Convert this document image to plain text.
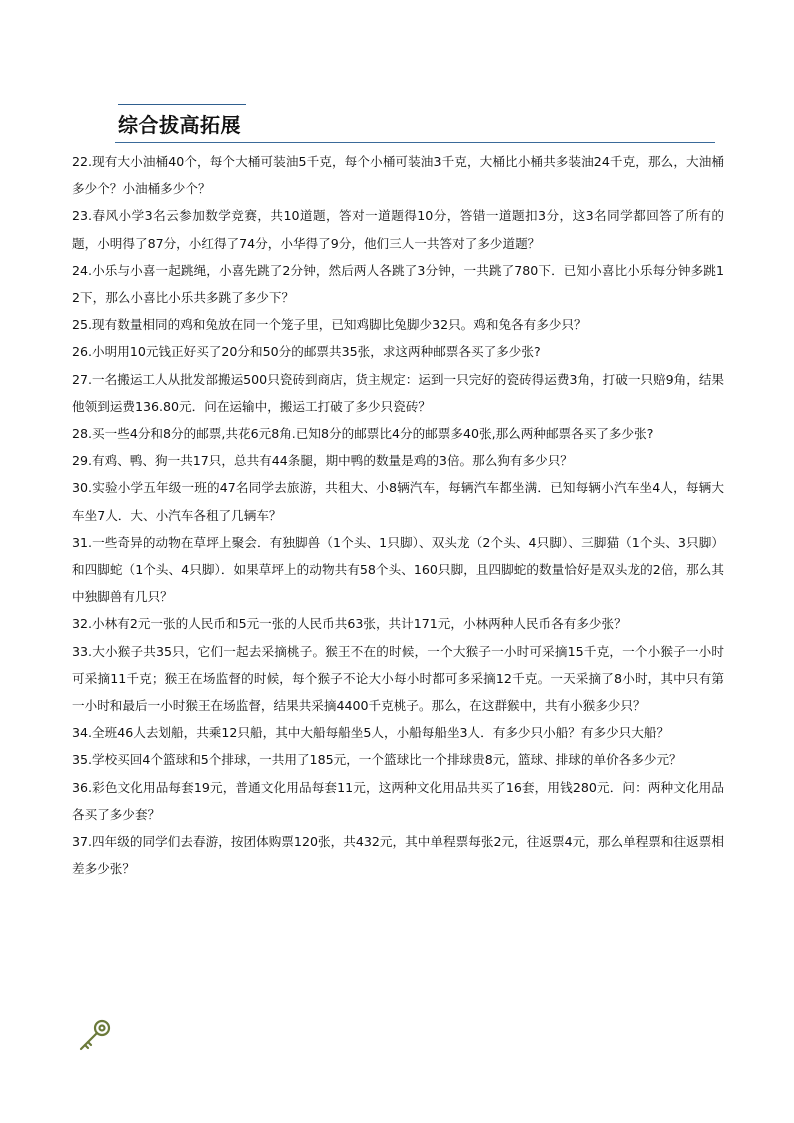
综合拔高拓展
22.现有大小油桶40个，每个大桶可装油5千克，每个小桶可装油3千克，大桶比小桶共多装油24千克，那么，大油桶多少个？小油桶多少个？
23.春风小学3名云参加数学竞赛，共10道题，答对一道题得10分，答错一道题扣3分，这3名同学都回答了所有的题，小明得了87分，小红得了74分，小华得了9分，他们三人一共答对了多少道题？
24.小乐与小喜一起跳绳，小喜先跳了2分钟，然后两人各跳了3分钟，一共跳了780下．已知小喜比小乐每分钟多跳12下，那么小喜比小乐共多跳了多少下？
25.现有数量相同的鸡和兔放在同一个笼子里，已知鸡脚比兔脚少32只。鸡和兔各有多少只？
26.小明用10元钱正好买了20分和50分的邮票共35张，求这两种邮票各买了多少张?
27.一名搬运工人从批发部搬运500只瓷砖到商店，货主规定：运到一只完好的瓷砖得运费3角，打破一只赔9角，结果他领到运费136.80元．问在运输中，搬运工打破了多少只瓷砖？
28.买一些4分和8分的邮票,共花6元8角.已知8分的邮票比4分的邮票多40张,那么两种邮票各买了多少张?
29.有鸡、鸭、狗一共17只，总共有44条腿，期中鸭的数量是鸡的3倍。那么狗有多少只？
30.实验小学五年级一班的47名同学去旅游，共租大、小8辆汽车，每辆汽车都坐满．已知每辆小汽车坐4人，每辆大车坐7人．大、小汽车各租了几辆车？
31.一些奇异的动物在草坪上聚会．有独脚兽（1个头、1只脚）、双头龙（2个头、4只脚）、三脚猫（1个头、3只脚）和四脚蛇（1个头、4只脚）．如果草坪上的动物共有58个头、160只脚，且四脚蛇的数量恰好是双头龙的2倍，那么其中独脚兽有几只？
32.小林有2元一张的人民币和5元一张的人民币共63张，共计171元，小林两种人民币各有多少张？
33.大小猴子共35只，它们一起去采摘桃子。猴王不在的时候，一个大猴子一小时可采摘15千克，一个小猴子一小时可采摘11千克；猴王在场监督的时候，每个猴子不论大小每小时都可多采摘12千克。一天采摘了8小时，其中只有第一小时和最后一小时猴王在场监督，结果共采摘4400千克桃子。那么，在这群猴中，共有小猴多少只？
34.全班46人去划船，共乘12只船，其中大船每船坐5人，小船每船坐3人．有多少只小船？有多少只大船？
35.学校买回4个篮球和5个排球，一共用了185元，一个篮球比一个排球贵8元，篮球、排球的单价各多少元？
36.彩色文化用品每套19元，普通文化用品每套11元，这两种文化用品共买了16套，用钱280元．问：两种文化用品各买了多少套？
37.四年级的同学们去春游，按团体购票120张，共432元，其中单程票每张2元，往返票4元，那么单程票和往返票相差多少张？
